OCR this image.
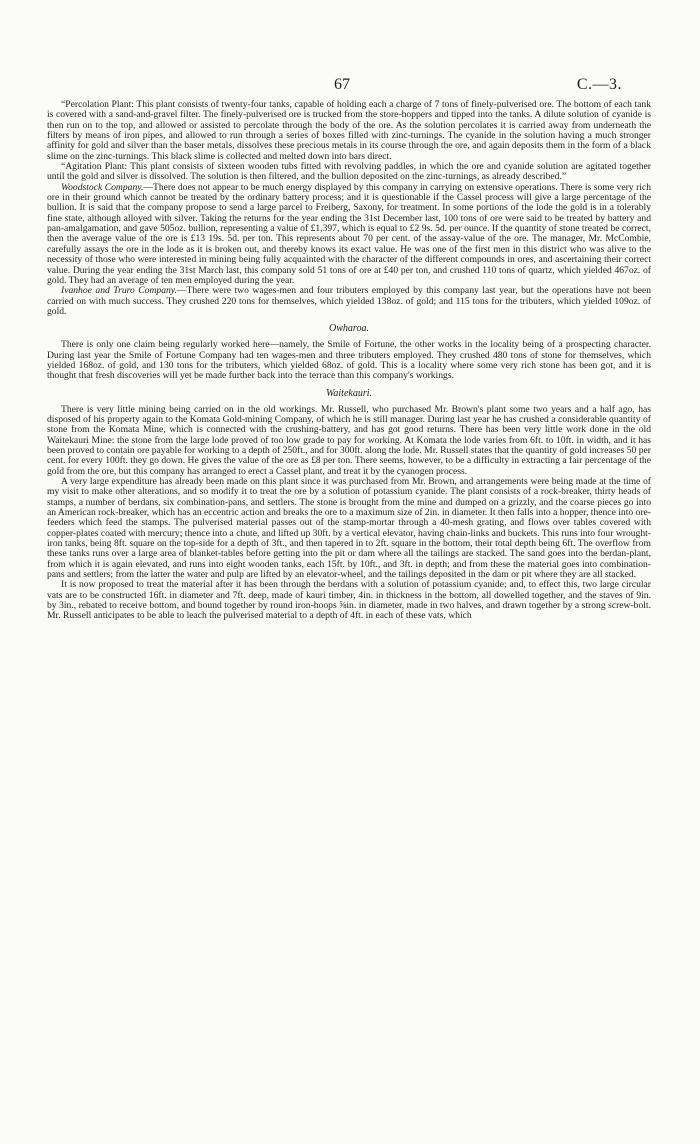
67	C.—3.

“Percolation Plant: This plant consists of twenty-four tanks, capable of holding each a charge of 7 tons of finely-pulverised ore. The bottom of each tank is covered with a sand-and-gravel filter. The finely-pulverised ore is trucked from the store-hoppers and tipped into the tanks. A dilute solution of cyanide is then run on to the top, and allowed or assisted to percolate through the body of the ore. As the solution percolates it is carried away from underneath the filters by means of iron pipes, and allowed to run through a series of boxes filled with zinc-turnings. The cyanide in the solution having a much stronger affinity for gold and silver than the baser metals, dissolves these precious metals in its course through the ore, and again deposits them in the form of a black slime on the zinc-turnings. This black slime is collected and melted down into bars direct.

“Agitation Plant: This plant consists of sixteen wooden tubs fitted with revolving paddles, in which the ore and cyanide solution are agitated together until the gold and silver is dissolved. The solution is then filtered, and the bullion deposited on the zinc-turnings, as already described.”

Woodstock Company.—There does not appear to be much energy displayed by this company in carrying on extensive operations. There is some very rich ore in their ground which cannot be treated by the ordinary battery process; and it is questionable if the Cassel process will give a large percentage of the bullion. It is said that the company propose to send a large parcel to Freiberg, Saxony, for treatment. In some portions of the lode the gold is in a tolerably fine state, although alloyed with silver. Taking the returns for the year ending the 31st December last, 100 tons of ore were said to be treated by battery and pan-amalgamation, and gave 505oz. bullion, representing a value of £1,397, which is equal to £2 9s. 5d. per ounce. If the quantity of stone treated be correct, then the average value of the ore is £13 19s. 5d. per ton. This represents about 70 per cent. of the assay-value of the ore. The manager, Mr. McCombie, carefully assays the ore in the lode as it is broken out, and thereby knows its exact value. He was one of the first men in this district who was alive to the necessity of those who were interested in mining being fully acquainted with the character of the different compounds in ores, and ascertaining their correct value. During the year ending the 31st March last, this company sold 51 tons of ore at £40 per ton, and crushed 110 tons of quartz, which yielded 467oz. of gold. They had an average of ten men employed during the year.

Ivanhoe and Truro Company.—There were two wages-men and four tributers employed by this company last year, but the operations have not been carried on with much success. They crushed 220 tons for themselves, which yielded 138oz. of gold; and 115 tons for the tributers, which yielded 109oz. of gold.

Owharoa.

There is only one claim being regularly worked here—namely, the Smile of Fortune, the other works in the locality being of a prospecting character. During last year the Smile of Fortune Company had ten wages-men and three tributers employed. They crushed 480 tons of stone for themselves, which yielded 168oz. of gold, and 130 tons for the tributers, which yielded 68oz. of gold. This is a locality where some very rich stone has been got, and it is thought that fresh discoveries will yet be made further back into the terrace than this company's workings.

Waitekauri.

There is very little mining being carried on in the old workings. Mr. Russell, who purchased Mr. Brown's plant some two years and a half ago, has disposed of his property again to the Komata Gold-mining Company, of which he is still manager. During last year he has crushed a considerable quantity of stone from the Komata Mine, which is connected with the crushing-battery, and has got good returns. There has been very little work done in the old Waitekauri Mine: the stone from the large lode proved of too low grade to pay for working. At Komata the lode varies from 6ft. to 10ft. in width, and it has been proved to contain ore payable for working to a depth of 250ft., and for 300ft. along the lode. Mr. Russell states that the quantity of gold increases 50 per cent. for every 100ft. they go down. He gives the value of the ore as £8 per ton. There seems, however, to be a difficulty in extracting a fair percentage of the gold from the ore, but this company has arranged to erect a Cassel plant, and treat it by the cyanogen process.

A very large expenditure has already been made on this plant since it was purchased from Mr. Brown, and arrangements were being made at the time of my visit to make other alterations, and so modify it to treat the ore by a solution of potassium cyanide. The plant consists of a rock-breaker, thirty heads of stamps, a number of berdans, six combination-pans, and settlers. The stone is brought from the mine and dumped on a grizzly, and the coarse pieces go into an American rock-breaker, which has an eccentric action and breaks the ore to a maximum size of 2in. in diameter. It then falls into a hopper, thence into ore-feeders which feed the stamps. The pulverised material passes out of the stamp-mortar through a 40-mesh grating, and flows over tables covered with copper-plates coated with mercury; thence into a chute, and lifted up 30ft. by a vertical elevator, having chain-links and buckets. This runs into four wrought-iron tanks, being 8ft. square on the top-side for a depth of 3ft., and then tapered in to 2ft. square in the bottom, their total depth being 6ft. The overflow from these tanks runs over a large area of blanket-tables before getting into the pit or dam where all the tailings are stacked. The sand goes into the berdan-plant, from which it is again elevated, and runs into eight wooden tanks, each 15ft. by 10ft., and 3ft. in depth; and from these the material goes into combination-pans and settlers; from the latter the water and pulp are lifted by an elevator-wheel, and the tailings deposited in the dam or pit where they are all stacked.

It is now proposed to treat the material after it has been through the berdans with a solution of potassium cyanide; and, to effect this, two large circular vats are to be constructed 16ft. in diameter and 7ft. deep, made of kauri timber, 4in. in thickness in the bottom, all dowelled together, and the staves of 9in. by 3in., rebated to receive bottom, and bound together by round iron-hoops ⅝in. in diameter, made in two halves, and drawn together by a strong screw-bolt. Mr. Russell anticipates to be able to leach the pulverised material to a depth of 4ft. in each of these vats, which
